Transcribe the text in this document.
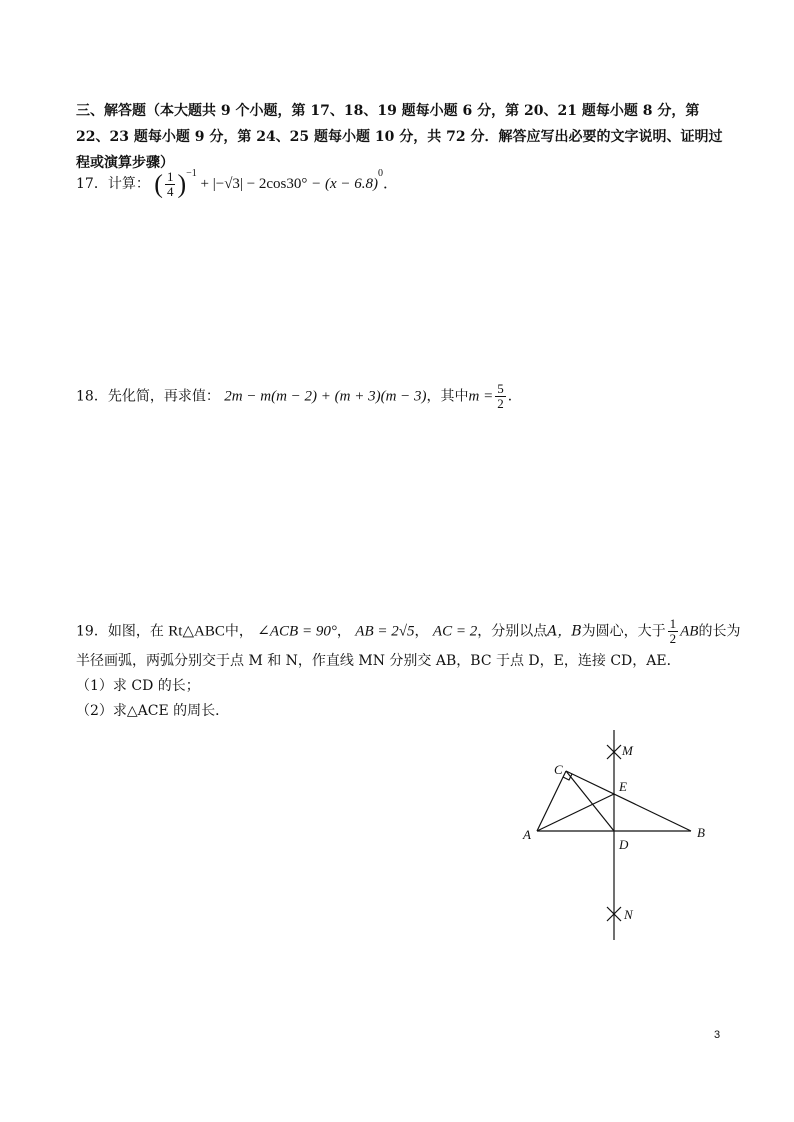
三、解答题（本大题共 9 个小题，第 17、18、19 题每小题 6 分，第 20、21 题每小题 8 分，第 22、23 题每小题 9 分，第 24、25 题每小题 10 分，共 72 分．解答应写出必要的文字说明、证明过程或演算步骤）
17．计算： ( $\frac{1}{4} )^{-1} + |-√3| - 2\cos 30^\circ - (x - 6.8)^0$．
18．先化简，再求值： 2m − m(m − 2) + (m + 3)(m − 3)，其中$m = \frac{5}{2}$ ．
19．如图，在 Rt△ABC中， ∠ACB = 90°， AB = 2√5， AC = 2，分别以点A，B为圆心，大于 $\frac{1}{2}$ AB的长为
半径画弧，两弧分别交于点 M 和 N，作直线 MN 分别交 AB，BC 于点 D，E，连接 CD，AE．
（1）求 CD 的长；
（2）求△ACE 的周长．
M
C
E
A
D
B
N
3
